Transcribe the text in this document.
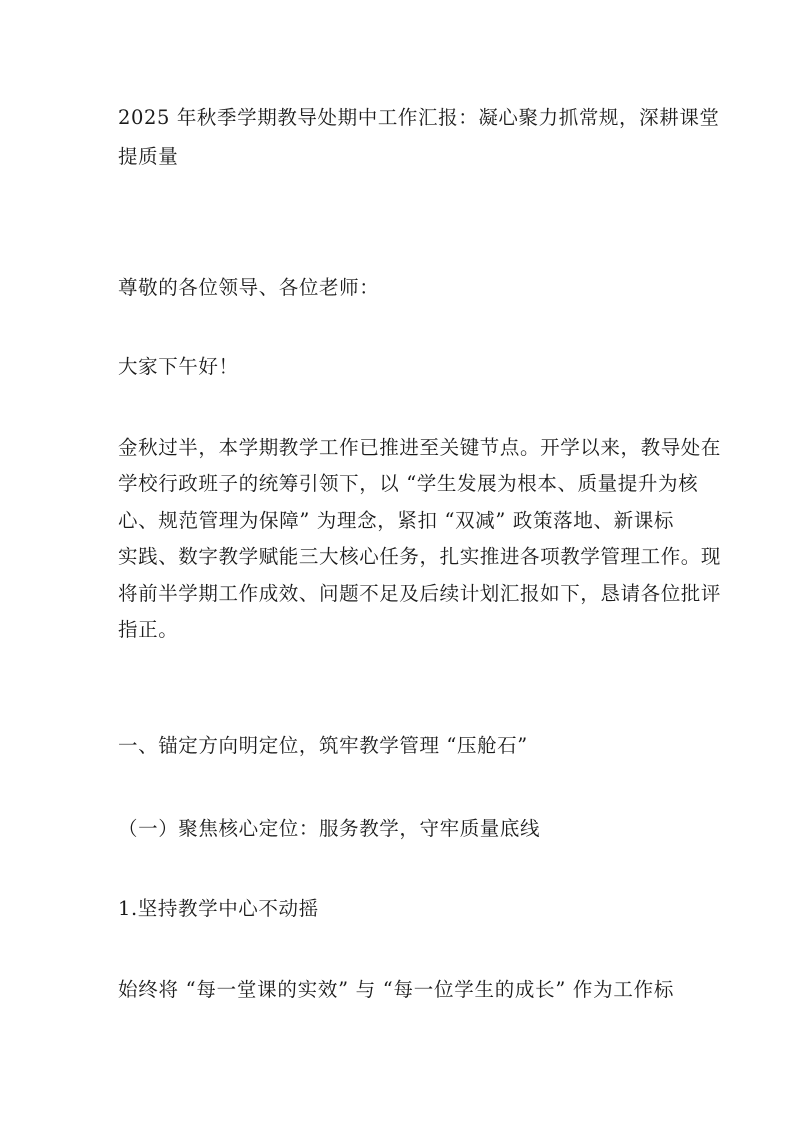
2025 年秋季学期教导处期中工作汇报：凝心聚力抓常规，深耕课堂
提质量
尊敬的各位领导、各位老师：
大家下午好！
金秋过半，本学期教学工作已推进至关键节点。开学以来，教导处在
学校行政班子的统筹引领下，以 “学生发展为根本、质量提升为核
心、规范管理为保障” 为理念，紧扣 “双减” 政策落地、新课标
实践、数字教学赋能三大核心任务，扎实推进各项教学管理工作。现
将前半学期工作成效、问题不足及后续计划汇报如下，恳请各位批评
指正。
一、锚定方向明定位，筑牢教学管理 “压舱石”
（一）聚焦核心定位：服务教学，守牢质量底线
1.坚持教学中心不动摇
始终将 “每一堂课的实效” 与 “每一位学生的成长” 作为工作标
